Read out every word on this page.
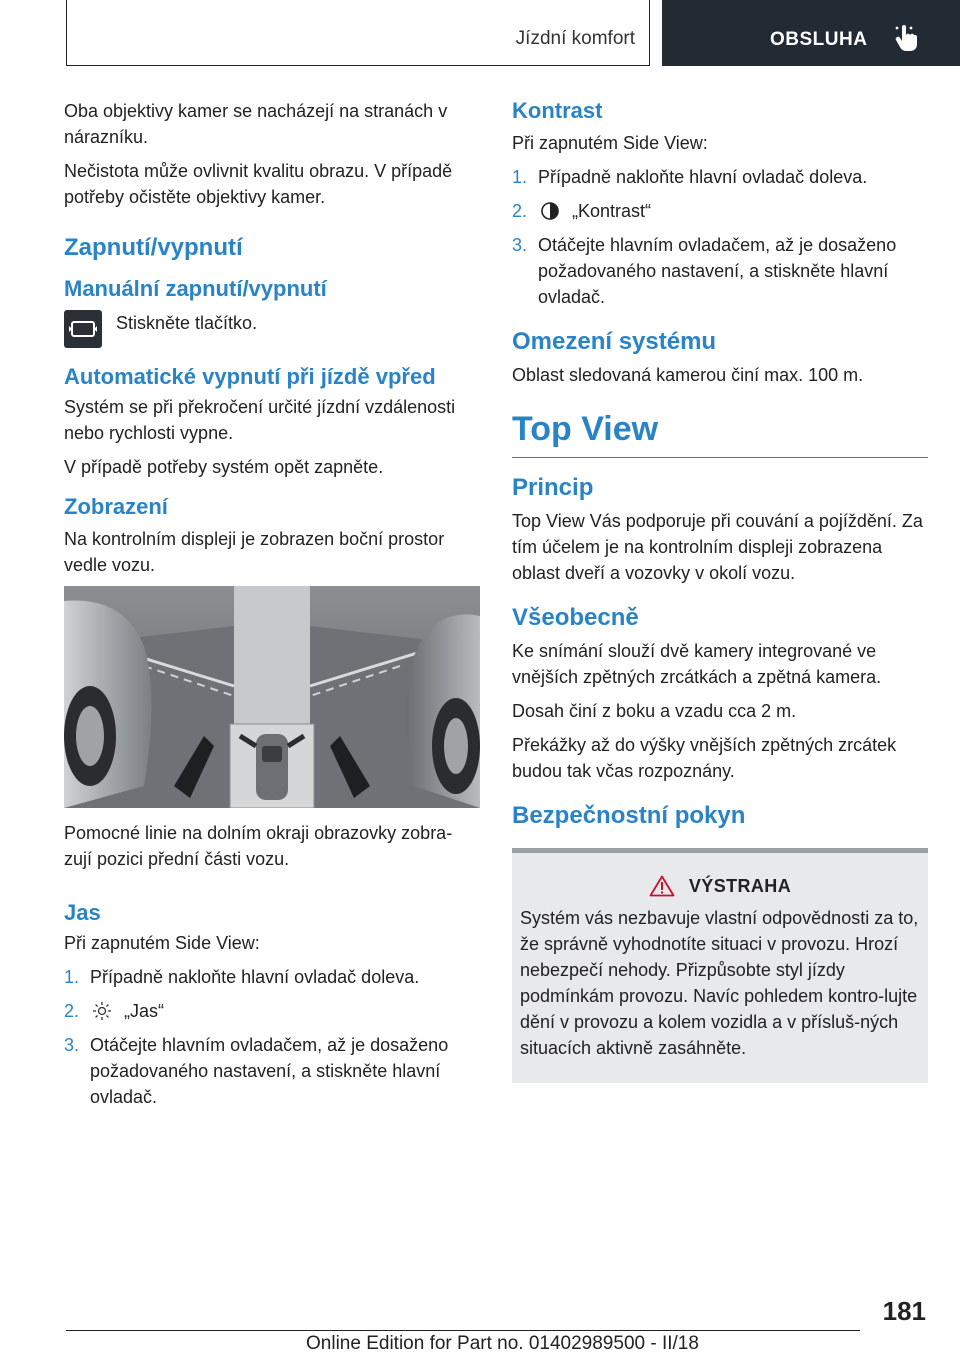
Jízdní komfort	OBSLUHA

Oba objektivy kamer se nacházejí na stranách v nárazníku.

Nečistota může ovlivnit kvalitu obrazu. V případě potřeby očistěte objektivy kamer.

Zapnutí/vypnutí
Manuální zapnutí/vypnutí

Stiskněte tlačítko.

Automatické vypnutí při jízdě vpřed

Systém se při překročení určité jízdní vzdálenosti nebo rychlosti vypne.

V případě potřeby systém opět zapněte.

Zobrazení

Na kontrolním displeji je zobrazen boční prostor vedle vozu.

Pomocné linie na dolním okraji obrazovky zobra-zují pozici přední části vozu.

Jas

Při zapnutém Side View:

1. Případně nakloňte hlavní ovladač doleva.
2.	„Jas“
3. Otáčejte hlavním ovladačem, až je dosaženo požadovaného nastavení, a stiskněte hlavní ovladač.
Kontrast

Při zapnutém Side View:

1. Případně nakloňte hlavní ovladač doleva.
2.	„Kontrast“
3. Otáčejte hlavním ovladačem, až je dosaženo požadovaného nastavení, a stiskněte hlavní ovladač.
Omezení systému

Oblast sledovaná kamerou činí max. 100 m.

Top View
Princip

Top View Vás podporuje při couvání a pojíždění. Za tím účelem je na kontrolním displeji zobrazena oblast dveří a vozovky v okolí vozu.

Všeobecně

Ke snímání slouží dvě kamery integrované ve vnějších zpětných zrcátkách a zpětná kamera.

Dosah činí z boku a vzadu cca 2 m.

Překážky až do výšky vnějších zpětných zrcátek budou tak včas rozpoznány.

Bezpečnostní pokyn
VÝSTRAHA

Systém vás nezbavuje vlastní odpovědnosti za to, že správně vyhodnotíte situaci v provozu. Hrozí nebezpečí nehody. Přizpůsobte styl jízdy podmínkám provozu. Navíc pohledem kontro-lujte dění v provozu a kolem vozidla a v přísluš-ných situacích aktivně zasáhněte.

181
Online Edition for Part no. 01402989500 - II/18
